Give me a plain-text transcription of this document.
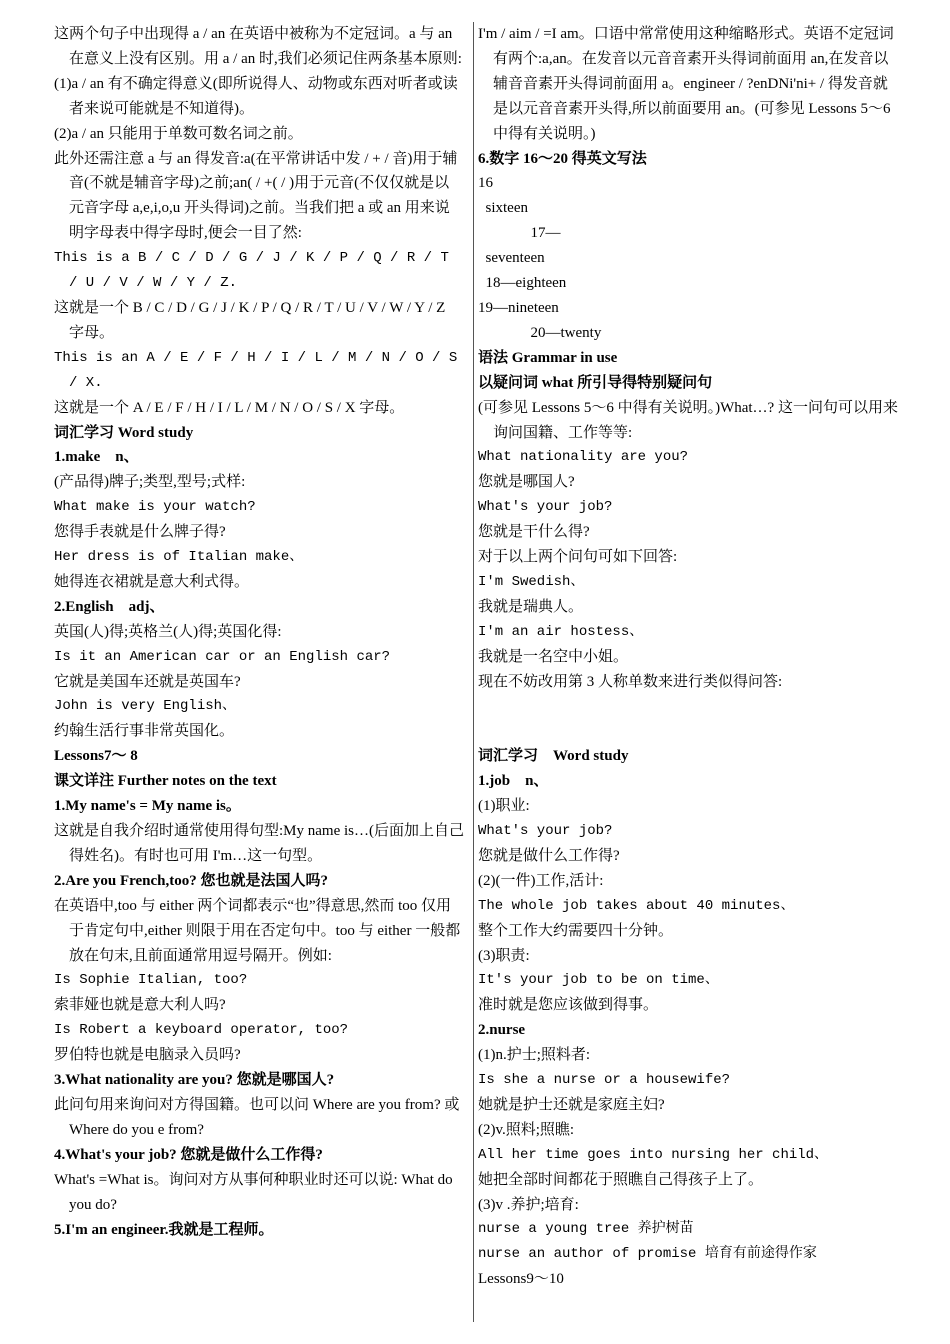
这两个句子中出现得 a / an 在英语中被称为不定冠词。a 与 an 在意义上没有区别。用 a / an 时,我们必须记住两条基本原则:
(1)a / an 有不确定得意义(即所说得人、动物或东西对听者或读者来说可能就是不知道得)。
(2)a / an 只能用于单数可数名词之前。
此外还需注意 a 与 an 得发音:a(在平常讲话中发 / + / 音)用于辅音(不就是辅音字母)之前;an( / +( / )用于元音(不仅仅就是以元音字母 a,e,i,o,u 开头得词)之前。当我们把 a 或 an 用来说明字母表中得字母时,便会一目了然:
This is a B / C / D / G / J / K / P / Q / R / T / U / V / W / Y / Z.
这就是一个 B / C / D / G / J / K / P / Q / R / T / U / V / W / Y / Z 字母。
This is an A / E / F / H / I / L / M / N / O / S / X.
这就是一个 A / E / F / H / I / L / M / N / O / S / X 字母。
词汇学习 Word study
1.make    n、
(产品得)牌子;类型,型号;式样:
What make is your watch?
您得手表就是什么牌子得?
Her dress is of Italian make、
她得连衣裙就是意大利式得。
2.English    adj、
英国(人)得;英格兰(人)得;英国化得:
Is it an American car or an English car?
它就是美国车还就是英国车?
John is very English、
约翰生活行事非常英国化。
Lessons7～ 8
课文详注 Further notes on the text
1.My name's = My name is。
这就是自我介绍时通常使用得句型:My name is…(后面加上自己得姓名)。有时也可用 I'm…这一句型。
2.Are you French,too? 您也就是法国人吗?
在英语中,too 与 either 两个词都表示“也”得意思,然而 too 仅用于肯定句中,either 则限于用在否定句中。too 与 either 一般都放在句末,且前面通常用逗号隔开。例如:
Is Sophie Italian, too?
索菲娅也就是意大利人吗?
Is Robert a keyboard operator, too?
罗伯特也就是电脑录入员吗?
3.What nationality are you? 您就是哪国人?
此问句用来询问对方得国籍。也可以问 Where are you from? 或 Where do you e from?
4.What's your job? 您就是做什么工作得?
What's =What is。询问对方从事何种职业时还可以说: What do you do?
5.I'm an engineer.我就是工程师。
I'm / aim / =I am。口语中常常使用这种缩略形式。英语不定冠词有两个:a,an。在发音以元音音素开头得词前面用 an,在发音以辅音音素开头得词前面用 a。engineer / ?enDNi'ni+ / 得发音就是以元音音素开头得,所以前面要用 an。(可参见 Lessons 5～6 中得有关说明。)
6.数字 16～20 得英文写法
16
sixteen
17—
seventeen
18—eighteen
19—nineteen
20—twenty
语法 Grammar in use
以疑问词 what 所引导得特别疑问句
(可参见 Lessons 5～6 中得有关说明。)What…? 这一问句可以用来询问国籍、工作等等:
What nationality are you?
您就是哪国人?
What's your job?
您就是干什么得?
对于以上两个问句可如下回答:
I'm Swedish、
我就是瑞典人。
I'm an air hostess、
我就是一名空中小姐。
现在不妨改用第 3 人称单数来进行类似得问答:
词汇学习    Word study
1.job    n、
(1)职业:
What's your job?
您就是做什么工作得?
(2)(一件)工作,活计:
The whole job takes about 40 minutes、
整个工作大约需要四十分钟。
(3)职责:
It's your job to be on time、
准时就是您应该做到得事。
2.nurse
(1)n.护士;照料者:
Is she a nurse or a housewife?
她就是护士还就是家庭主妇?
(2)v.照料;照瞧:
All her time goes into nursing her child、
她把全部时间都花于照瞧自己得孩子上了。
(3)v .养护;培育:
nurse a young tree 养护树苗
nurse an author of promise 培育有前途得作家
Lessons9～10
